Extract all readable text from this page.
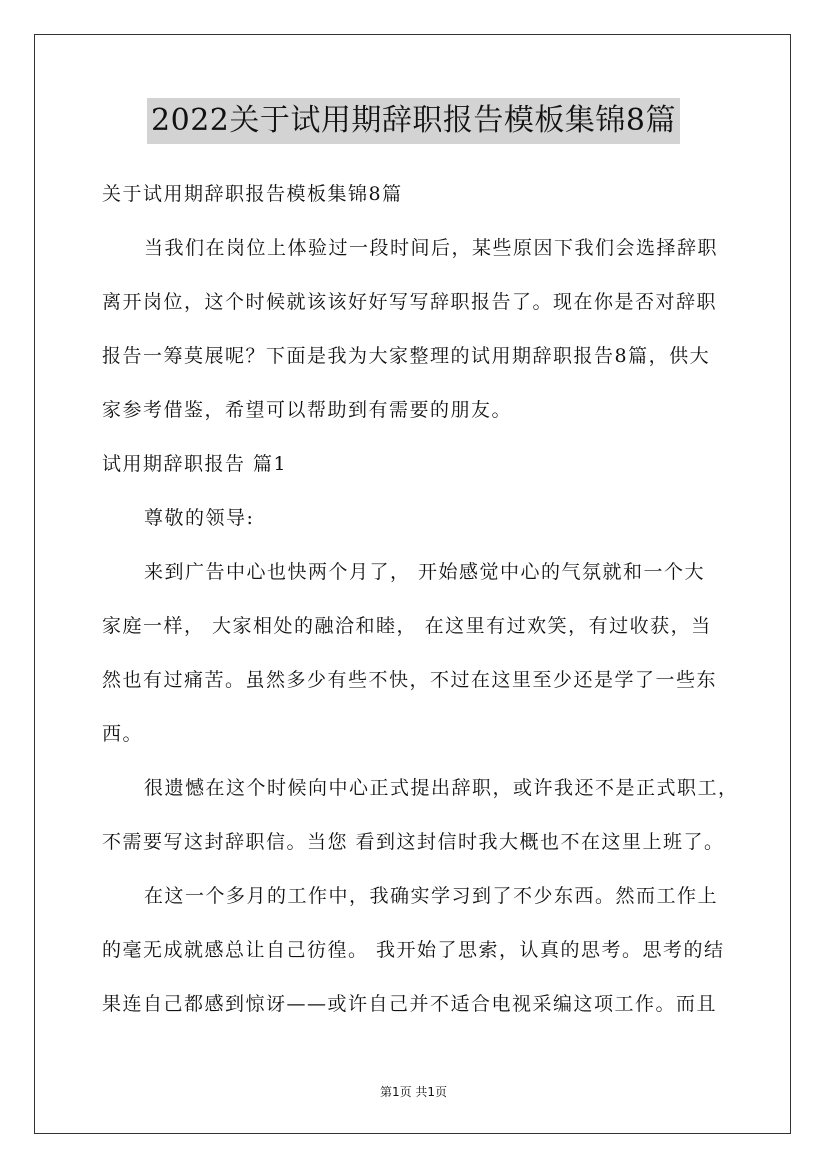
2022关于试用期辞职报告模板集锦8篇
关于试用期辞职报告模板集锦8篇
当我们在岗位上体验过一段时间后，某些原因下我们会选择辞职
离开岗位，这个时候就该该好好写写辞职报告了。现在你是否对辞职
报告一筹莫展呢？下面是我为大家整理的试用期辞职报告8篇，供大
家参考借鉴，希望可以帮助到有需要的朋友。
试用期辞职报告 篇1
尊敬的领导:
来到广告中心也快两个月了， 开始感觉中心的气氛就和一个大
家庭一样， 大家相处的融洽和睦， 在这里有过欢笑，有过收获，当
然也有过痛苦。虽然多少有些不快，不过在这里至少还是学了一些东
西。
很遗憾在这个时候向中心正式提出辞职，或许我还不是正式职工，
不需要写这封辞职信。当您 看到这封信时我大概也不在这里上班了。
在这一个多月的工作中，我确实学习到了不少东西。然而工作上
的毫无成就感总让自己彷徨。 我开始了思索，认真的思考。思考的结
果连自己都感到惊讶——或许自己并不适合电视采编这项工作。而且
第1页 共1页
